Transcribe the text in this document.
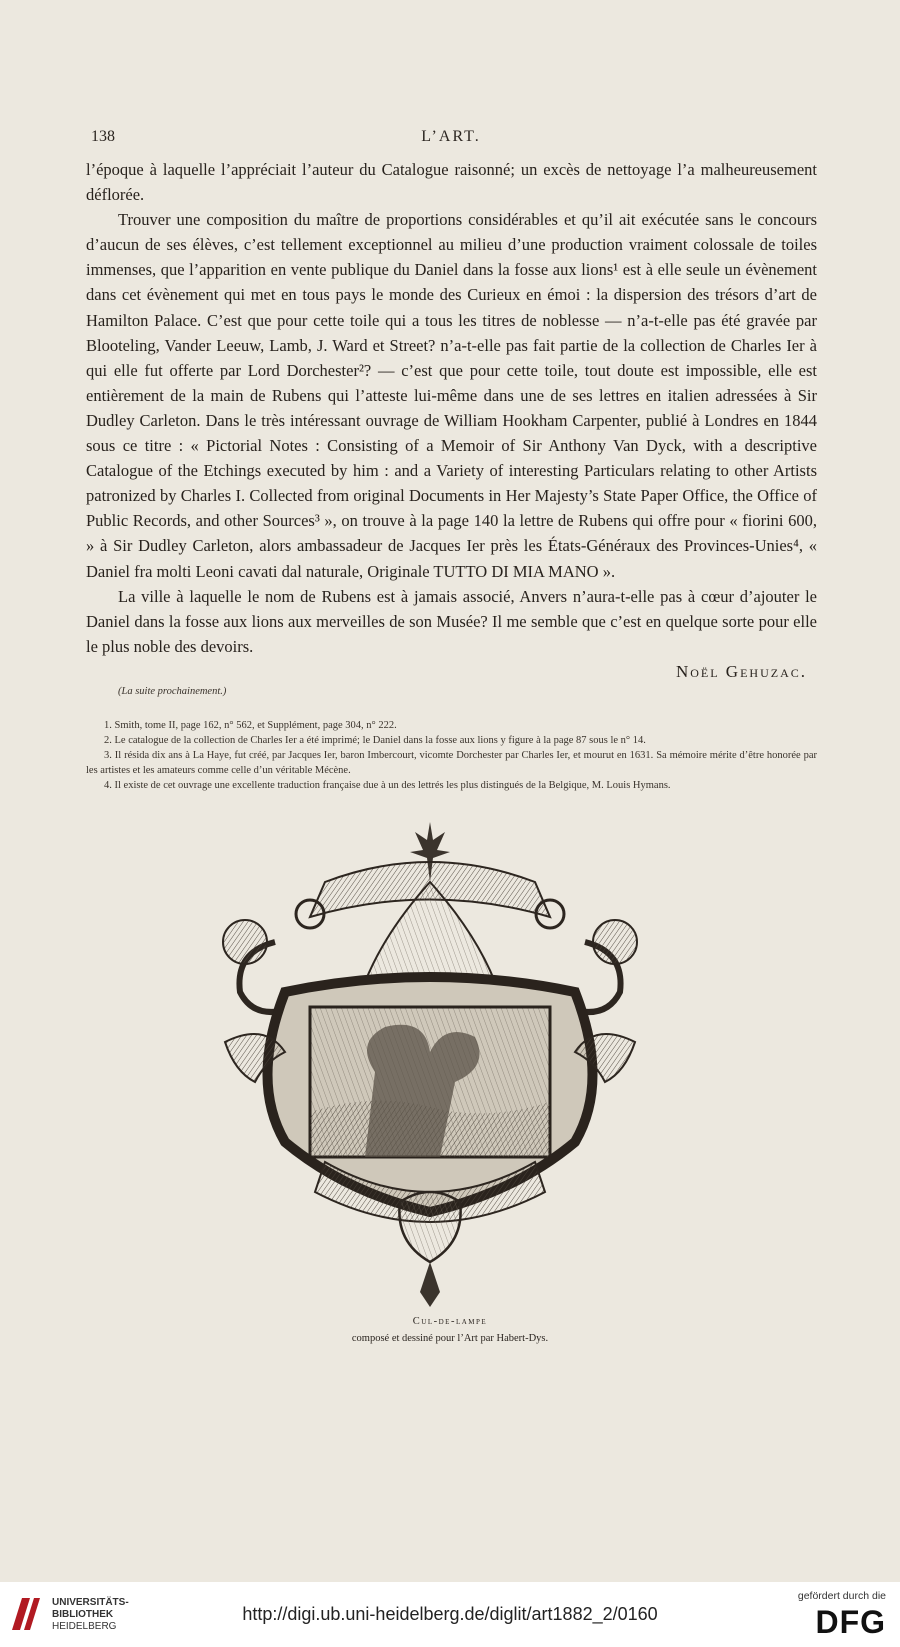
138	L’ART.

l’époque à laquelle l’appréciait l’auteur du Catalogue raisonné; un excès de nettoyage l’a malheureusement déflorée.

Trouver une composition du maître de proportions considérables et qu’il ait exécutée sans le concours d’aucun de ses élèves, c’est tellement exceptionnel au milieu d’une production vraiment colossale de toiles immenses, que l’apparition en vente publique du Daniel dans la fosse aux lions¹ est à elle seule un évènement dans cet évènement qui met en tous pays le monde des Curieux en émoi : la dispersion des trésors d’art de Hamilton Palace. C’est que pour cette toile qui a tous les titres de noblesse — n’a-t-elle pas été gravée par Blooteling, Vander Leeuw, Lamb, J. Ward et Street? n’a-t-elle pas fait partie de la collection de Charles Ier à qui elle fut offerte par Lord Dorchester²? — c’est que pour cette toile, tout doute est impossible, elle est entièrement de la main de Rubens qui l’atteste lui-même dans une de ses lettres en italien adressées à Sir Dudley Carleton. Dans le très intéressant ouvrage de William Hookham Carpenter, publié à Londres en 1844 sous ce titre : « Pictorial Notes : Consisting of a Memoir of Sir Anthony Van Dyck, with a descriptive Catalogue of the Etchings executed by him : and a Variety of interesting Particulars relating to other Artists patronized by Charles I. Collected from original Documents in Her Majesty’s State Paper Office, the Office of Public Records, and other Sources³ », on trouve à la page 140 la lettre de Rubens qui offre pour « fiorini 600, » à Sir Dudley Carleton, alors ambassadeur de Jacques Ier près les États-Généraux des Provinces-Unies⁴, « Daniel fra molti Leoni cavati dal naturale, Originale TUTTO DI MIA MANO ».

La ville à laquelle le nom de Rubens est à jamais associé, Anvers n’aura-t-elle pas à cœur d’ajouter le Daniel dans la fosse aux lions aux merveilles de son Musée? Il me semble que c’est en quelque sorte pour elle le plus noble des devoirs.

Noël Gehuzac.

(La suite prochainement.)

1. Smith, tome II, page 162, n° 562, et Supplément, page 304, n° 222.

2. Le catalogue de la collection de Charles Ier a été imprimé; le Daniel dans la fosse aux lions y figure à la page 87 sous le n° 14.

3. Il résida dix ans à La Haye, fut créé, par Jacques Ier, baron Imbercourt, vicomte Dorchester par Charles Ier, et mourut en 1631. Sa mémoire mérite d’être honorée par les artistes et les amateurs comme celle d’un véritable Mécène.

4. Il existe de cet ouvrage une excellente traduction française due à un des lettrés les plus distingués de la Belgique, M. Louis Hymans.

Cul-de-lampe
composé et dessiné pour l’Art par Habert-Dys.
UNIVERSITÄTS-
BIBLIOTHEK
HEIDELBERG
http://digi.ub.uni-heidelberg.de/diglit/art1882_2/0160
gefördert durch die
DFG
